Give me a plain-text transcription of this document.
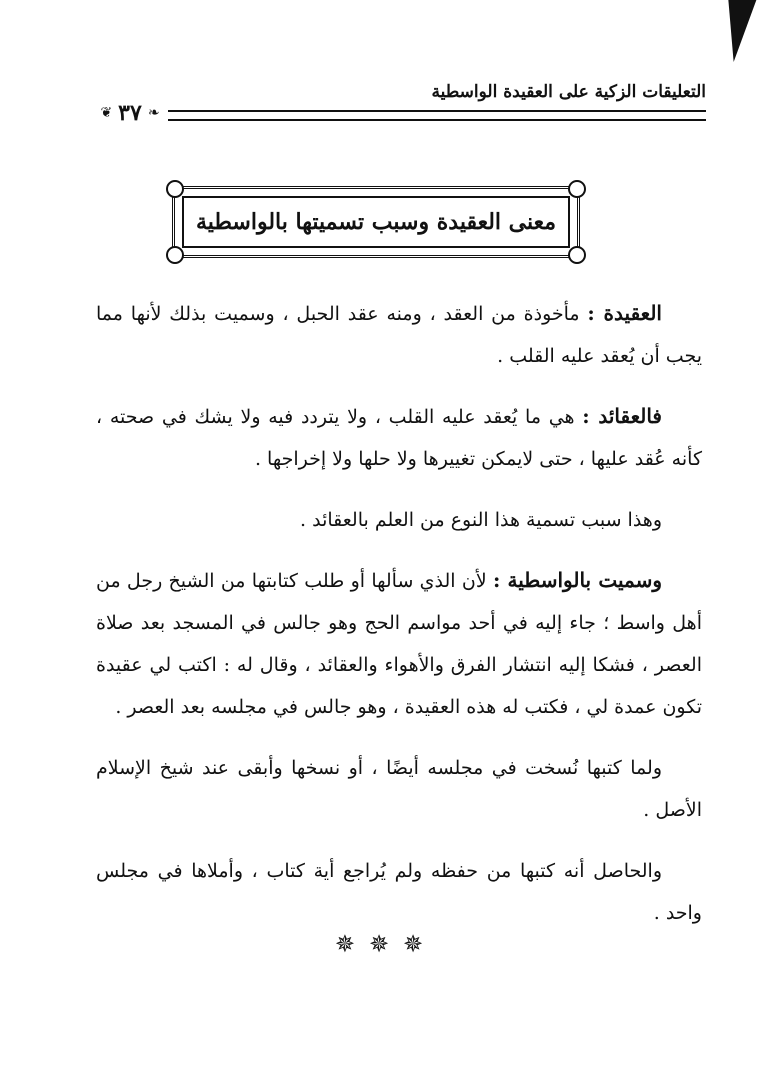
التعليقات الزكية على العقيدة الواسطية
❦ ٣٧ ❧
معنى العقيدة وسبب تسميتها بالواسطية

العقيدة : مأخوذة من العقد ، ومنه عقد الحبل ، وسميت بذلك لأنها مما يجب أن يُعقد عليه القلب .

فالعقائد : هي ما يُعقد عليه القلب ، ولا يتردد فيه ولا يشك في صحته ، كأنه عُقد عليها ، حتى لايمكن تغييرها ولا حلها ولا إخراجها .

وهذا سبب تسمية هذا النوع من العلم بالعقائد .

وسميت بالواسطية : لأن الذي سألها أو طلب كتابتها من الشيخ رجل من أهل واسط ؛ جاء إليه في أحد مواسم الحج وهو جالس في المسجد بعد صلاة العصر ، فشكا إليه انتشار الفرق والأهواء والعقائد ، وقال له : اكتب لي عقيدة تكون عمدة لي ، فكتب له هذه العقيدة ، وهو جالس في مجلسه بعد العصر .

ولما كتبها نُسخت في مجلسه أيضًا ، أو نسخها وأبقى عند شيخ الإسلام الأصل .

والحاصل أنه كتبها من حفظه ولم يُراجع أية كتاب ، وأملاها في مجلس واحد .

✵✵✵
